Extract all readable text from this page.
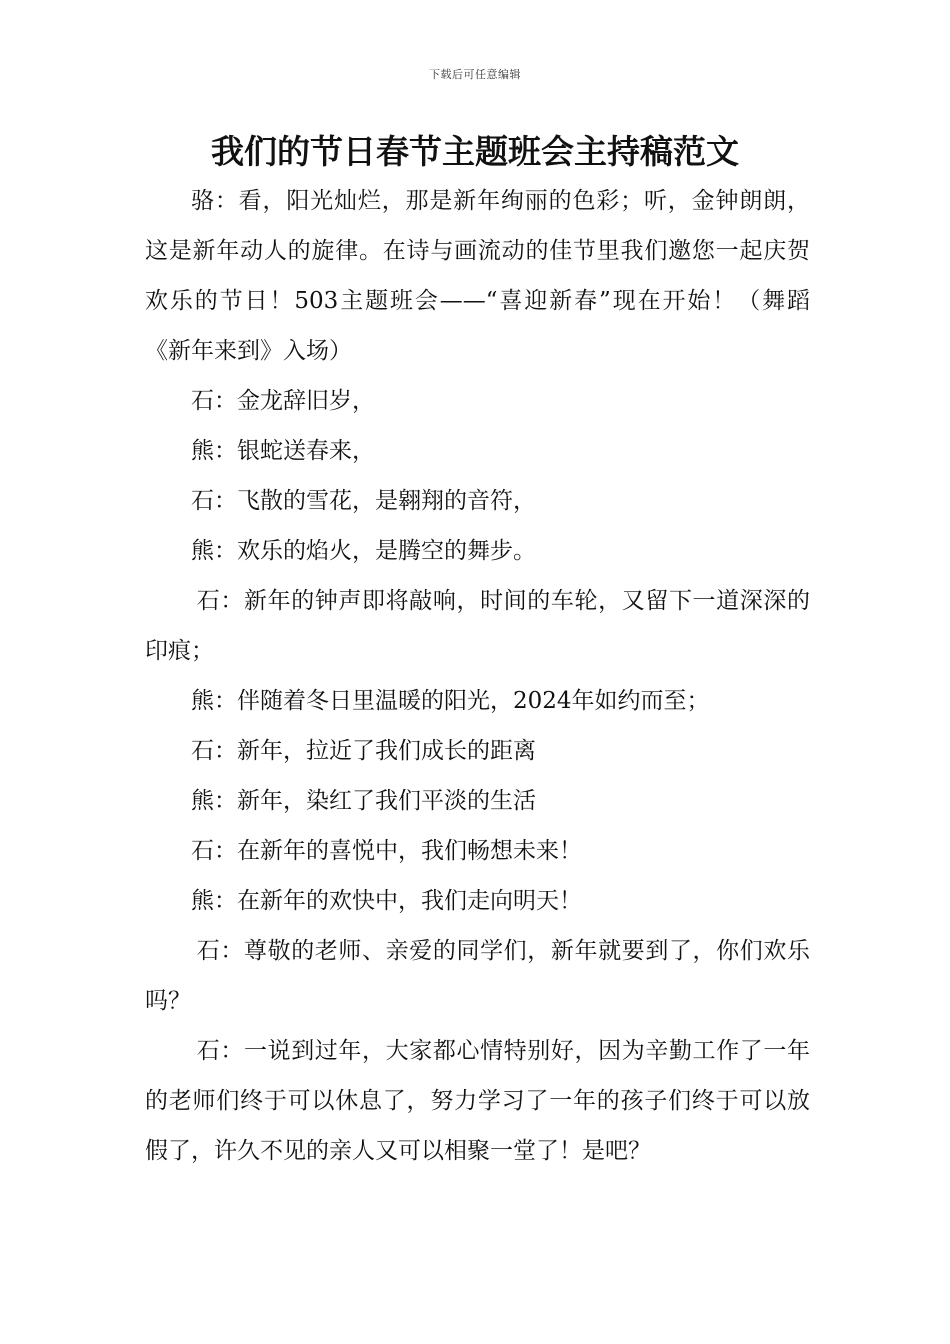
下载后可任意编辑
我们的节日春节主题班会主持稿范文

骆：看，阳光灿烂，那是新年绚丽的色彩；听，金钟朗朗，这是新年动人的旋律。在诗与画流动的佳节里我们邀您一起庆贺欢乐的节日！503主题班会——“喜迎新春”现在开始！（舞蹈《新年来到》入场）

石：金龙辞旧岁，

熊：银蛇送春来，

石：飞散的雪花，是翱翔的音符，

熊：欢乐的焰火，是腾空的舞步。

石：新年的钟声即将敲响，时间的车轮，又留下一道深深的印痕；

熊：伴随着冬日里温暖的阳光，2024年如约而至；

石：新年，拉近了我们成长的距离

熊：新年，染红了我们平淡的生活

石：在新年的喜悦中，我们畅想未来！

熊：在新年的欢快中，我们走向明天！

石：尊敬的老师、亲爱的同学们，新年就要到了，你们欢乐吗？

石：一说到过年，大家都心情特别好，因为辛勤工作了一年的老师们终于可以休息了，努力学习了一年的孩子们终于可以放假了，许久不见的亲人又可以相聚一堂了！是吧？
